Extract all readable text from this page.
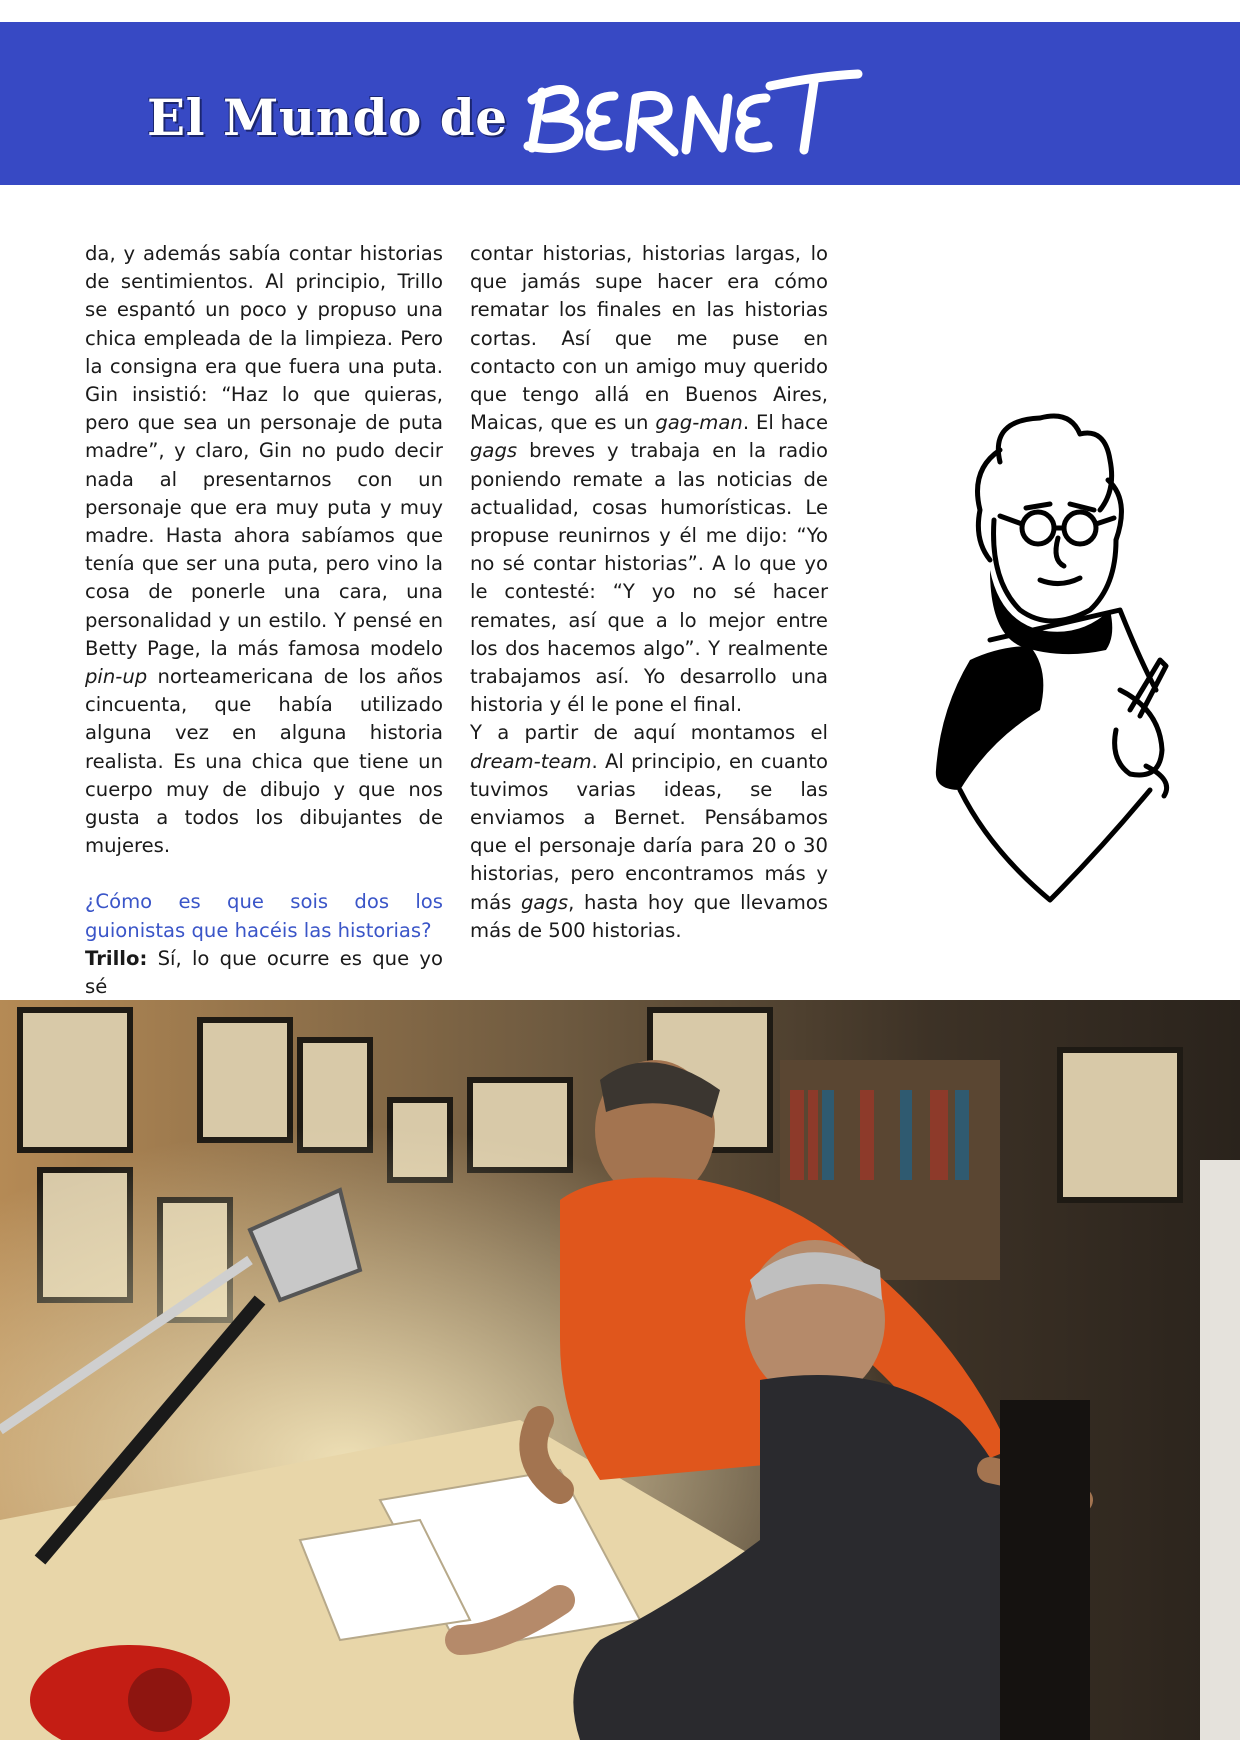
El Mundo de

da, y además sabía contar historias de sentimientos. Al principio, Trillo se espantó un poco y propuso una chica empleada de la limpieza. Pero la consigna era que fuera una puta. Gin insistió: “Haz lo que quieras, pero que sea un personaje de puta madre”, y claro, Gin no pudo decir nada al presentarnos con un personaje que era muy puta y muy madre. Hasta ahora sabíamos que tenía que ser una puta, pero vino la cosa de ponerle una cara, una personalidad y un estilo. Y pensé en Betty Page, la más famosa modelo pin-up norteamericana de los años cincuenta, que había utilizado alguna vez en alguna historia realista. Es una chica que tiene un cuerpo muy de dibujo y que nos gusta a todos los dibujantes de mujeres.

¿Cómo es que sois dos los guionistas que hacéis las historias?

Trillo: Sí, lo que ocurre es que yo sé

contar historias, historias largas, lo que jamás supe hacer era cómo rematar los finales en las historias cortas. Así que me puse en contacto con un amigo muy querido que tengo allá en Buenos Aires, Maicas, que es un gag-man. El hace gags breves y trabaja en la radio poniendo remate a las noticias de actualidad, cosas humorísticas. Le propuse reunirnos y él me dijo: “Yo no sé contar historias”. A lo que yo le contesté: “Y yo no sé hacer remates, así que a lo mejor entre los dos hacemos algo”. Y realmente trabajamos así. Yo desarrollo una historia y él le pone el final.

Y a partir de aquí montamos el dream-team. Al principio, en cuanto tuvimos varias ideas, se las enviamos a Bernet. Pensábamos que el personaje daría para 20 o 30 historias, pero encontramos más y más gags, hasta hoy que llevamos más de 500 historias.
